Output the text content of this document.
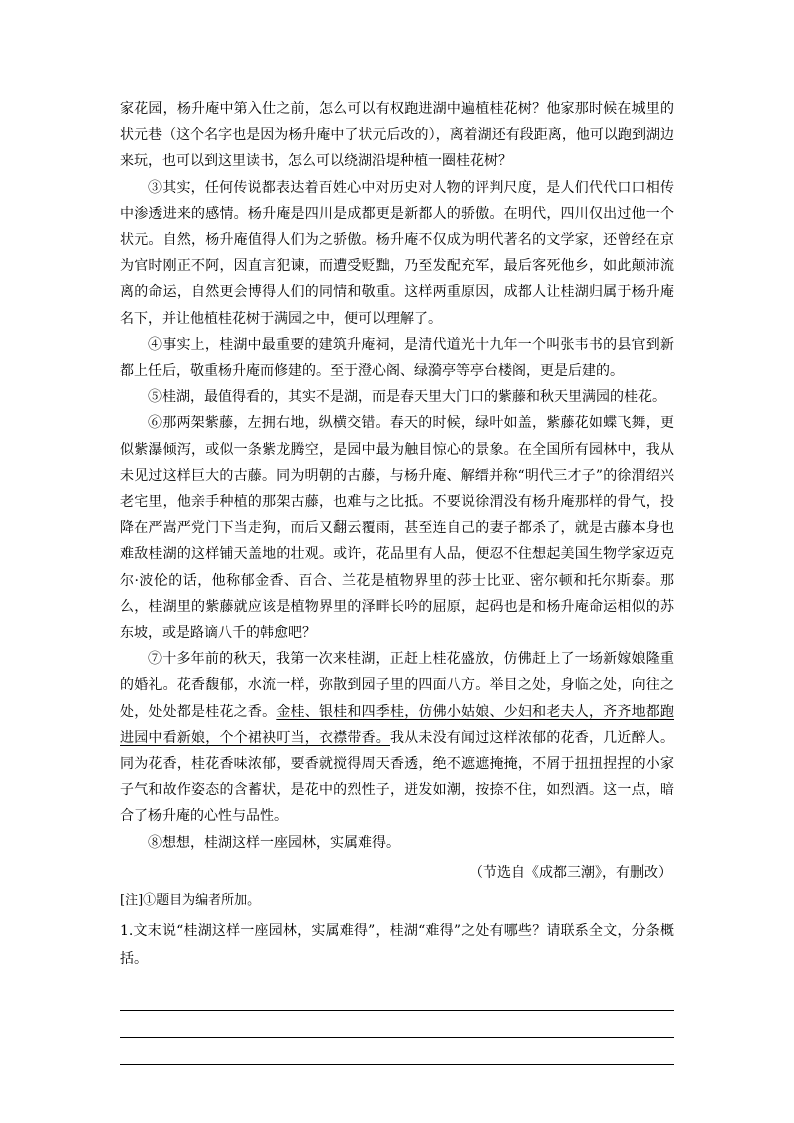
家花园，杨升庵中第入仕之前，怎么可以有权跑进湖中遍植桂花树？他家那时候在城里的状元巷（这个名字也是因为杨升庵中了状元后改的），离着湖还有段距离，他可以跑到湖边来玩，也可以到这里读书，怎么可以绕湖沿堤种植一圈桂花树？

③其实，任何传说都表达着百姓心中对历史对人物的评判尺度，是人们代代口口相传中渗透进来的感情。杨升庵是四川是成都更是新都人的骄傲。在明代，四川仅出过他一个状元。自然，杨升庵值得人们为之骄傲。杨升庵不仅成为明代著名的文学家，还曾经在京为官时刚正不阿，因直言犯谏，而遭受贬黜，乃至发配充军，最后客死他乡，如此颠沛流离的命运，自然更会博得人们的同情和敬重。这样两重原因，成都人让桂湖归属于杨升庵名下，并让他植桂花树于满园之中，便可以理解了。

④事实上，桂湖中最重要的建筑升庵祠，是清代道光十九年一个叫张韦书的县官到新都上任后，敬重杨升庵而修建的。至于澄心阁、绿漪亭等亭台楼阁，更是后建的。

⑤桂湖，最值得看的，其实不是湖，而是春天里大门口的紫藤和秋天里满园的桂花。

⑥那两架紫藤，左拥右地，纵横交错。春天的时候，绿叶如盖，紫藤花如蝶飞舞，更似紫瀑倾泻，或似一条紫龙腾空，是园中最为触目惊心的景象。在全国所有园林中，我从未见过这样巨大的古藤。同为明朝的古藤，与杨升庵、解缙并称“明代三才子”的徐渭绍兴老宅里，他亲手种植的那架古藤，也难与之比抵。不要说徐渭没有杨升庵那样的骨气，投降在严嵩严党门下当走狗，而后又翻云覆雨，甚至连自己的妻子都杀了，就是古藤本身也难敌桂湖的这样铺天盖地的壮观。或许，花品里有人品，便忍不住想起美国生物学家迈克尔·波伦的话，他称郁金香、百合、兰花是植物界里的莎士比亚、密尔顿和托尔斯泰。那么，桂湖里的紫藤就应该是植物界里的泽畔长吟的屈原，起码也是和杨升庵命运相似的苏东坡，或是路谪八千的韩愈吧？

⑦十多年前的秋天，我第一次来桂湖，正赶上桂花盛放，仿佛赶上了一场新嫁娘隆重的婚礼。花香馥郁，水流一样，弥散到园子里的四面八方。举目之处，身临之处，向往之处，处处都是桂花之香。金桂、银桂和四季桂，仿佛小姑娘、少妇和老夫人，齐齐地都跑进园中看新娘，个个裙袂叮当，衣襟带香。我从未没有闻过这样浓郁的花香，几近醉人。同为花香，桂花香味浓郁，要香就搅得周天香透，绝不遮遮掩掩，不屑于扭扭捏捏的小家子气和故作姿态的含蓄状，是花中的烈性子，迸发如潮，按捺不住，如烈酒。这一点，暗合了杨升庵的心性与品性。

⑧想想，桂湖这样一座园林，实属难得。

（节选自《成都三潮》，有删改）

[注]①题目为编者所加。

1.文末说“桂湖这样一座园林，实属难得”，桂湖“难得”之处有哪些？请联系全文，分条概括。
